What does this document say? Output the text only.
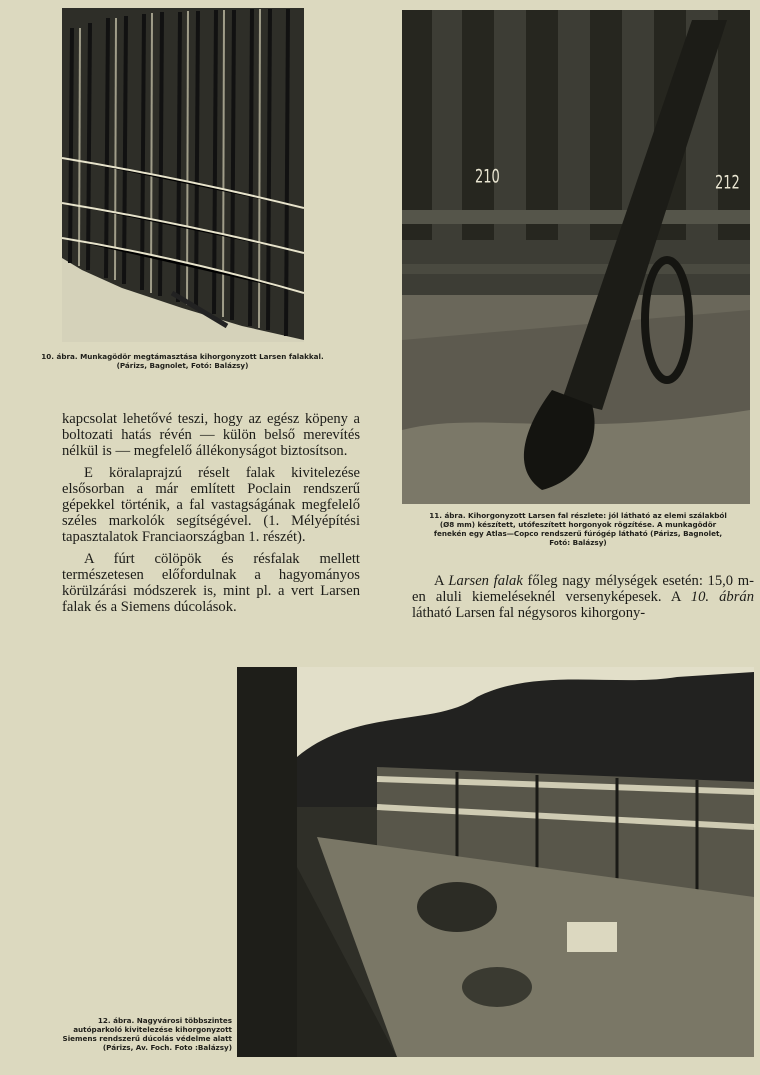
10. ábra. Munkagödör megtámasztása kihorgonyzott Larsen falakkal.
(Párizs, Bagnolet, Fotó: Balázsy)
210	212
11. ábra. Kihorgonyzott Larsen fal részlete: jól látható az elemi szálakból
(Ø8 mm) készített, utófeszített horgonyok rögzítése. A munkagödör
fenekén egy Atlas—Copco rendszerű fúrógép látható (Párizs, Bagnolet,
Fotó: Balázsy)

kapcsolat lehetővé teszi, hogy az egész köpeny a boltozati hatás révén — külön belső merevítés nélkül is — megfelelő állékonyságot biztosítson.

E köralaprajzú réselt falak kivitelezése elsősorban a már említett Poclain rendszerű gépekkel történik, a fal vastagságának megfelelő széles markolók segítségével. (1. Mélyépítési tapasztalatok Franciaországban 1. részét).

A fúrt cölöpök és résfalak mellett természetesen előfordulnak a hagyományos körülzárási módszerek is, mint pl. a vert Larsen falak és a Siemens dúcolások.

A Larsen falak főleg nagy mélységek esetén: 15,0 m-en aluli kiemeléseknél versenyképesek. A 10. ábrán látható Larsen fal négysoros kihorgony-

12. ábra. Nagyvárosi többszintes
autóparkoló kivitelezése kihorgonyzott
Siemens rendszerű dúcolás védelme alatt
(Párizs, Av. Foch. Foto :Balázsy)
